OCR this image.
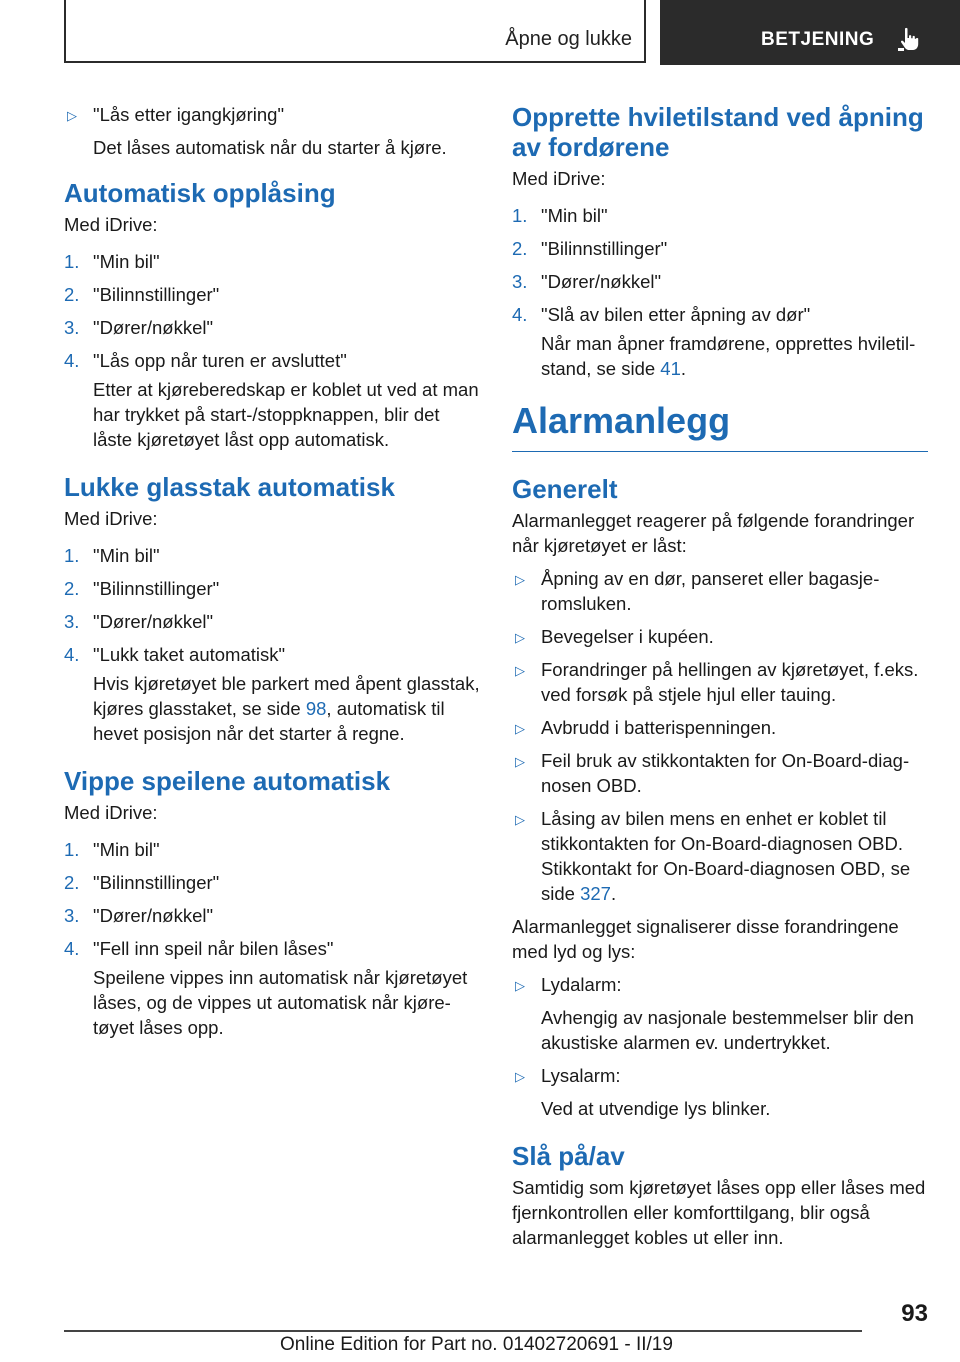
Åpne og lukke	BETJENING
▷ "Lås etter igangkjøring"
Det låses automatisk når du starter å kjøre.
Automatisk opplåsing
Med iDrive:
1. "Min bil"
2. "Bilinnstillinger"
3. "Dører/nøkkel"
4. "Lås opp når turen er avsluttet"
Etter at kjøreberedskap er koblet ut ved at man har trykket på start-/stoppknappen, blir det låste kjøretøyet låst opp automatisk.
Lukke glasstak automatisk
Med iDrive:
1. "Min bil"
2. "Bilinnstillinger"
3. "Dører/nøkkel"
4. "Lukk taket automatisk"
Hvis kjøretøyet ble parkert med åpent glasstak, kjøres glasstaket, se side 98, automatisk til hevet posisjon når det starter å regne.
Vippe speilene automatisk
Med iDrive:
1. "Min bil"
2. "Bilinnstillinger"
3. "Dører/nøkkel"
4. "Fell inn speil når bilen låses"
Speilene vippes inn automatisk når kjøretøyet låses, og de vippes ut automatisk når kjøretøyet låses opp.
Opprette hviletilstand ved åpning av fordørene
Med iDrive:
1. "Min bil"
2. "Bilinnstillinger"
3. "Dører/nøkkel"
4. "Slå av bilen etter åpning av dør"
Når man åpner framdørene, opprettes hviletilstand, se side 41.
Alarmanlegg
Generelt
Alarmanlegget reagerer på følgende forandringer når kjøretøyet er låst:
▷ Åpning av en dør, panseret eller bagasjeromsluken.
▷ Bevegelser i kupéen.
▷ Forandringer på hellingen av kjøretøyet, f.eks. ved forsøk på stjele hjul eller tauing.
▷ Avbrudd i batterispenningen.
▷ Feil bruk av stikkontakten for On-Board-diagnosen OBD.
▷ Låsing av bilen mens en enhet er koblet til stikkontakten for On-Board-diagnosen OBD. Stikkontakt for On-Board-diagnosen OBD, se side 327.
Alarmanlegget signaliserer disse forandringene med lyd og lys:
▷ Lydalarm:
Avhengig av nasjonale bestemmelser blir den akustiske alarmen ev. undertrykket.
▷ Lysalarm:
Ved at utvendige lys blinker.
Slå på/av
Samtidig som kjøretøyet låses opp eller låses med fjernkontrollen eller komforttilgang, blir også alarmanlegget kobles ut eller inn.
93
Online Edition for Part no. 01402720691 - II/19
